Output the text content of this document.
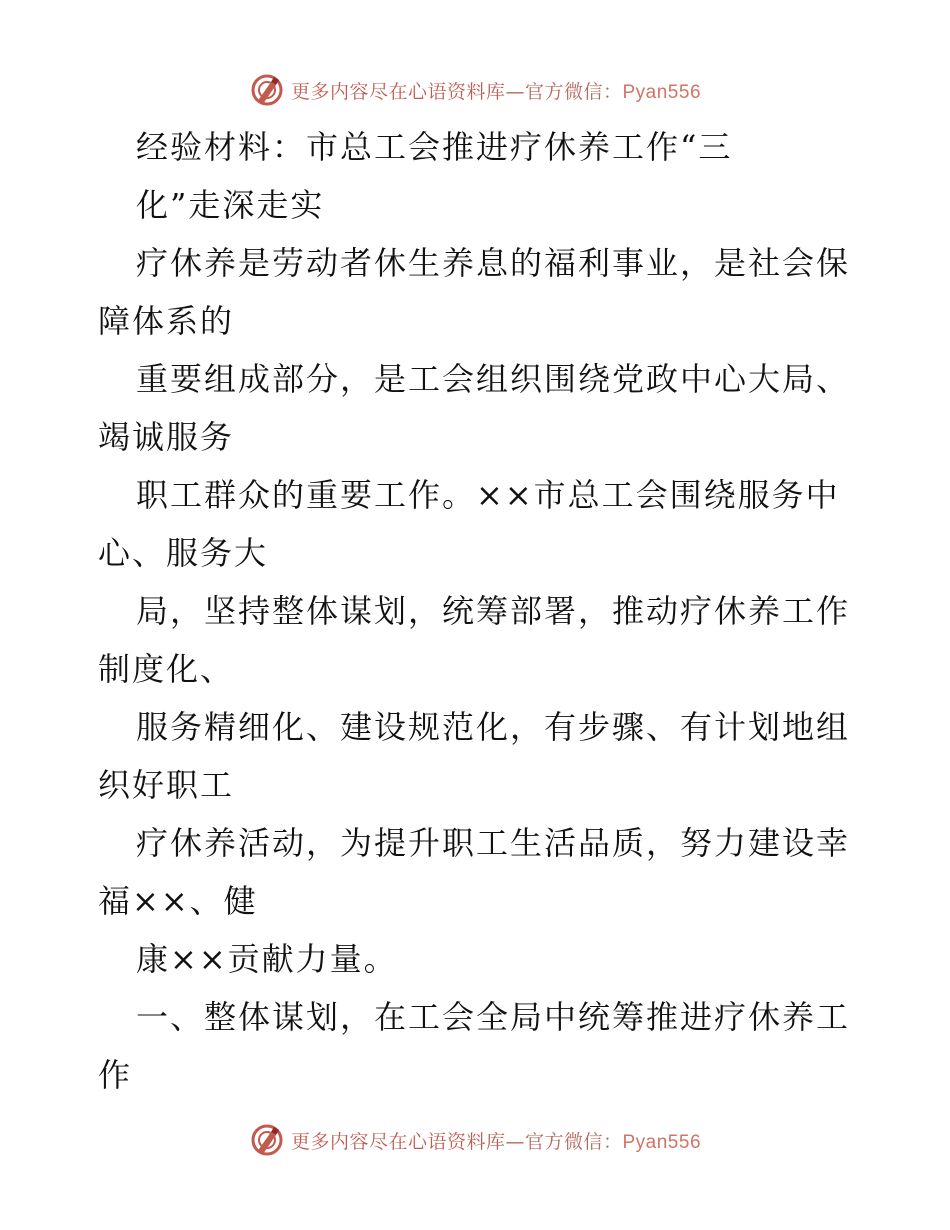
更多内容尽在心语资料库—官方微信：Pyan556
经验材料：市总工会推进疗休养工作“三
化”走深走实
疗休养是劳动者休生养息的福利事业，是社会保
障体系的
重要组成部分，是工会组织围绕党政中心大局、
竭诚服务
职工群众的重要工作。××市总工会围绕服务中
心、服务大
局，坚持整体谋划，统筹部署，推动疗休养工作
制度化、
服务精细化、建设规范化，有步骤、有计划地组
织好职工
疗休养活动，为提升职工生活品质，努力建设幸
福××、健
康××贡献力量。
一、整体谋划，在工会全局中统筹推进疗休养工
作
更多内容尽在心语资料库—官方微信：Pyan556
